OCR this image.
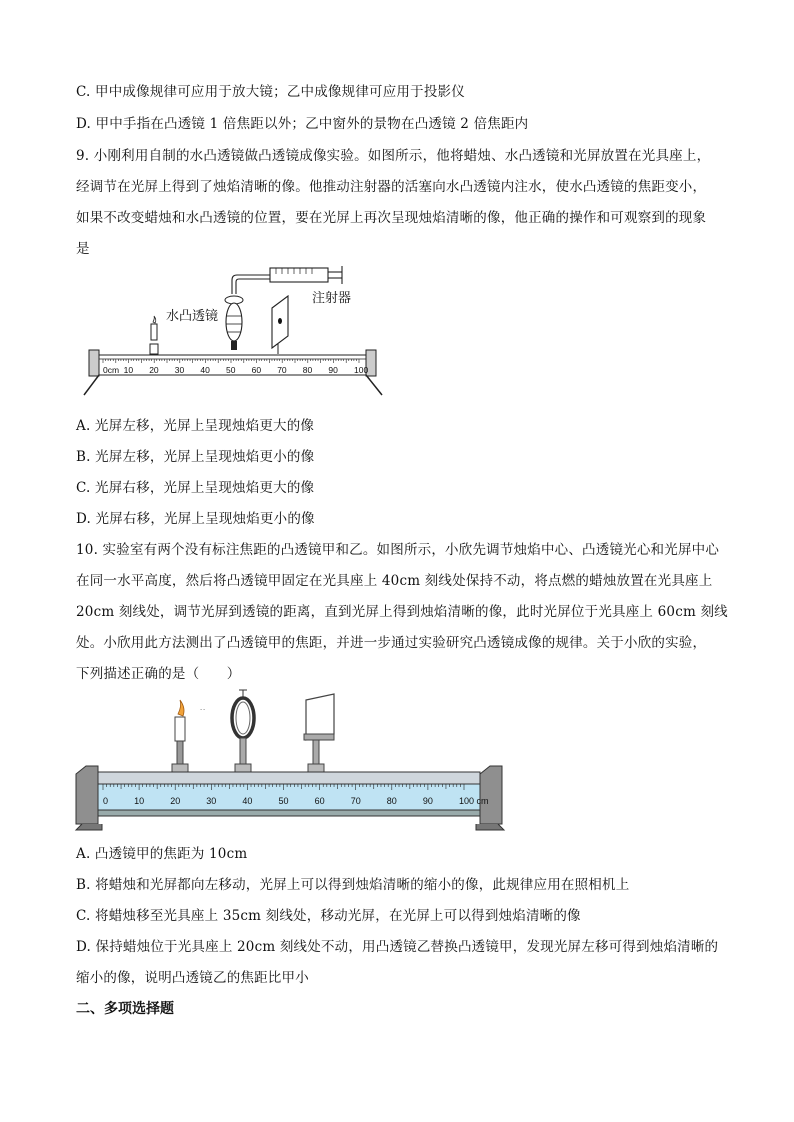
C. 甲中成像规律可应用于放大镜；乙中成像规律可应用于投影仪
D. 甲中手指在凸透镜 1 倍焦距以外；乙中窗外的景物在凸透镜 2 倍焦距内
9. 小刚利用自制的水凸透镜做凸透镜成像实验。如图所示，他将蜡烛、水凸透镜和光屏放置在光具座上，
经调节在光屏上得到了烛焰清晰的像。他推动注射器的活塞向水凸透镜内注水，使水凸透镜的焦距变小，
如果不改变蜡烛和水凸透镜的位置，要在光屏上再次呈现烛焰清晰的像，他正确的操作和可观察到的现象
是
注射器
水凸透镜
0cm 10 20 30 40 50 60 70 80 90 100
A. 光屏左移，光屏上呈现烛焰更大的像
B. 光屏左移，光屏上呈现烛焰更小的像
C. 光屏右移，光屏上呈现烛焰更大的像
D. 光屏右移，光屏上呈现烛焰更小的像
10. 实验室有两个没有标注焦距的凸透镜甲和乙。如图所示，小欣先调节烛焰中心、凸透镜光心和光屏中心
在同一水平高度，然后将凸透镜甲固定在光具座上 40cm 刻线处保持不动，将点燃的蜡烛放置在光具座上
20cm 刻线处，调节光屏到透镜的距离，直到光屏上得到烛焰清晰的像，此时光屏位于光具座上 60cm 刻线
处。小欣用此方法测出了凸透镜甲的焦距，并进一步通过实验研究凸透镜成像的规律。关于小欣的实验，
下列描述正确的是（　　）
˙˙
0	10	20	30	40	50	60	70	80	90	100 cm
A. 凸透镜甲的焦距为 10cm
B. 将蜡烛和光屏都向左移动，光屏上可以得到烛焰清晰的缩小的像，此规律应用在照相机上
C. 将蜡烛移至光具座上 35cm 刻线处，移动光屏，在光屏上可以得到烛焰清晰的像
D. 保持蜡烛位于光具座上 20cm 刻线处不动，用凸透镜乙替换凸透镜甲，发现光屏左移可得到烛焰清晰的
缩小的像，说明凸透镜乙的焦距比甲小
二、多项选择题
